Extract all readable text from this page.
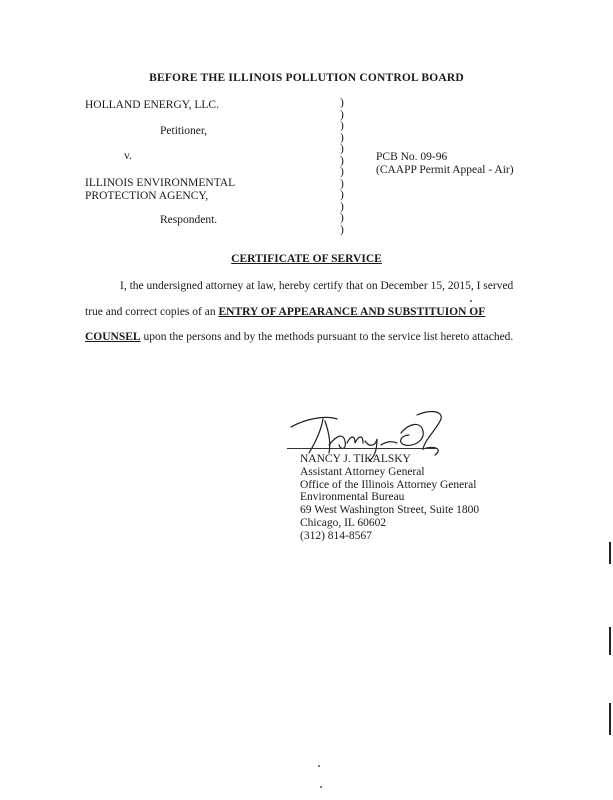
BEFORE THE ILLINOIS POLLUTION CONTROL BOARD
HOLLAND ENERGY, LLC.
Petitioner,
v.
ILLINOIS ENVIRONMENTAL
PROTECTION AGENCY,
Respondent.
)
)
)
)
)
)
)
)
)
)
)
)
PCB No. 09-96
(CAAPP Permit Appeal - Air)
CERTIFICATE OF SERVICE
I, the undersigned attorney at law, hereby certify that on December 15, 2015, I served
true and correct copies of an ENTRY OF APPEARANCE AND SUBSTITUION OF
COUNSEL upon the persons and by the methods pursuant to the service list hereto attached.
NANCY J. TIKALSKY
Assistant Attorney General
Office of the Illinois Attorney General
Environmental Bureau
69 West Washington Street, Suite 1800
Chicago, IL 60602
(312) 814-8567
